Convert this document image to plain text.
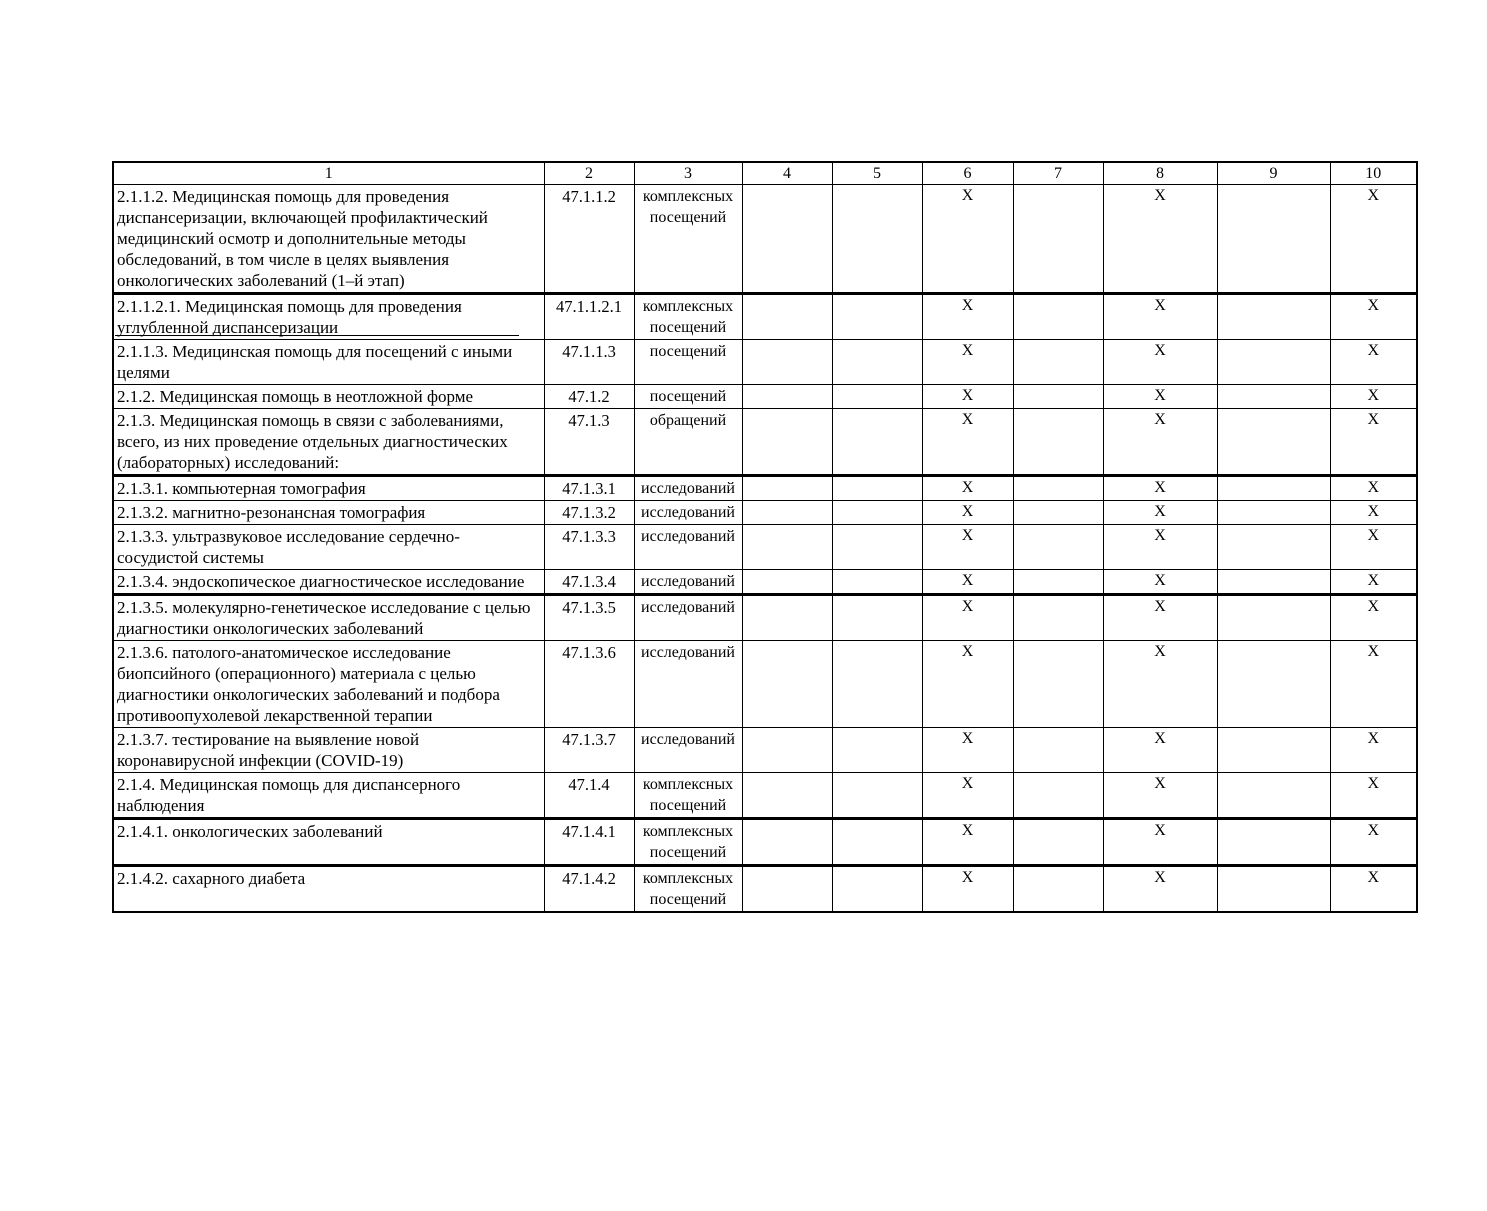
1	2	3	4	5	6	7	8	9	10
2.1.1.2. Медицинская помощь для проведения диспансеризации, включающей профилактический медицинский осмотр и дополнительные методы обследований, в том числе в целях выявления онкологических заболеваний (1–й этап)	47.1.1.2	комплексных посещений			X		X		X
2.1.1.2.1. Медицинская помощь для проведения углубленной диспансеризации	47.1.1.2.1	комплексных посещений			X		X		X
2.1.1.3. Медицинская помощь для посещений с иными целями	47.1.1.3	посещений			X		X		X
2.1.2. Медицинская помощь в неотложной форме	47.1.2	посещений			X		X		X
2.1.3. Медицинская помощь в связи с заболеваниями, всего, из них проведение отдельных диагностических (лабораторных) исследований:	47.1.3	обращений			X		X		X
2.1.3.1. компьютерная томография	47.1.3.1	исследований			X		X		X
2.1.3.2. магнитно-резонансная томография	47.1.3.2	исследований			X		X		X
2.1.3.3. ультразвуковое исследование сердечно-сосудистой системы	47.1.3.3	исследований			X		X		X
2.1.3.4. эндоскопическое диагностическое исследование	47.1.3.4	исследований			X		X		X
2.1.3.5. молекулярно-генетическое исследование с целью диагностики онкологических заболеваний	47.1.3.5	исследований			X		X		X
2.1.3.6. патолого-анатомическое исследование биопсийного (операционного) материала с целью диагностики онкологических заболеваний и подбора противоопухолевой лекарственной терапии	47.1.3.6	исследований			X		X		X
2.1.3.7. тестирование на выявление новой коронавирусной инфекции (COVID-19)	47.1.3.7	исследований			X		X		X
2.1.4. Медицинская помощь для диспансерного наблюдения	47.1.4	комплексных посещений			X		X		X
2.1.4.1. онкологических заболеваний	47.1.4.1	комплексных посещений			X		X		X
2.1.4.2. сахарного диабета	47.1.4.2	комплексных посещений			X		X		X
